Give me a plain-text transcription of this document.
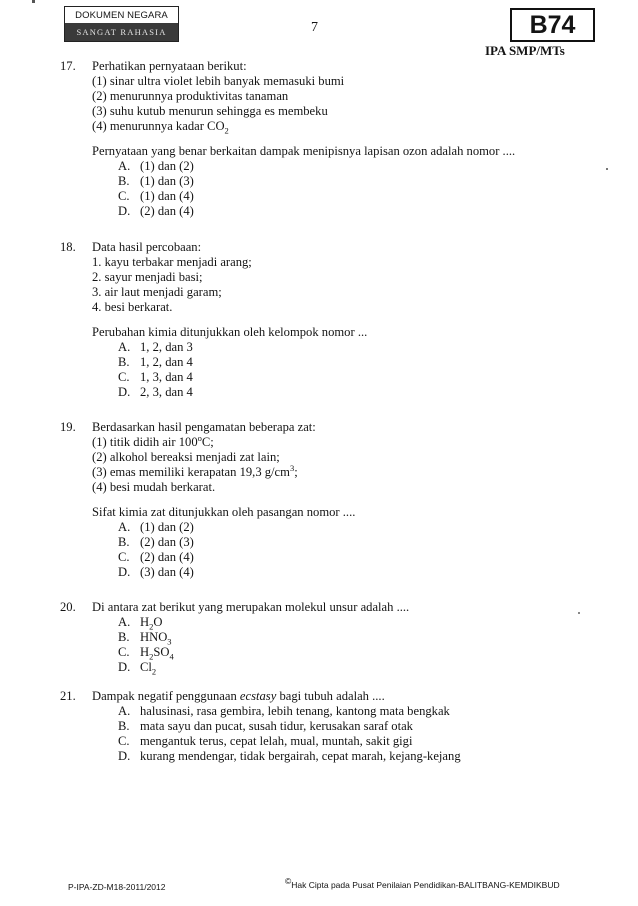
DOKUMEN NEGARA
SANGAT RAHASIA	7	B74
IPA SMP/MTs
17. Perhatikan pernyataan berikut:
(1) sinar ultra violet lebih banyak memasuki bumi
(2) menurunnya produktivitas tanaman
(3) suhu kutub menurun sehingga es membeku
(4) menurunnya kadar $CO_2$
Pernyataan yang benar berkaitan dampak menipisnya lapisan ozon adalah nomor ....
A. (1) dan (2)
B. (1) dan (3)
C. (1) dan (4)
D. (2) dan (4)
18. Data hasil percobaan:
1. kayu terbakar menjadi arang;
2. sayur menjadi basi;
3. air laut menjadi garam;
4. besi berkarat.
Perubahan kimia ditunjukkan oleh kelompok nomor ...
A. 1, 2, dan 3
B. 1, 2, dan 4
C. 1, 3, dan 4
D. 2, 3, dan 4
19. Berdasarkan hasil pengamatan beberapa zat:
(1) titik didih air 100$^o$C;
(2) alkohol bereaksi menjadi zat lain;
(3) emas memiliki kerapatan 19,3 $g/cm^3$;
(4) besi mudah berkarat.
Sifat kimia zat ditunjukkan oleh pasangan nomor ....
A. (1) dan (2)
B. (2) dan (3)
C. (2) dan (4)
D. (3) dan (4)
20. Di antara zat berikut yang merupakan molekul unsur adalah ....
A. $H_2O$
B. $HNO_3$
C. $H_2SO_4$
D. $Cl_2$
21. Dampak negatif penggunaan ecstasy bagi tubuh adalah ....
A. halusinasi, rasa gembira, lebih tenang, kantong mata bengkak
B. mata sayu dan pucat, susah tidur, kerusakan saraf otak
C. mengantuk terus, cepat lelah, mual, muntah, sakit gigi
D. kurang mendengar, tidak bergairah, cepat marah, kejang-kejang
P-IPA-ZD-M18-2011/2012
©Hak Cipta pada Pusat Penilaian Pendidikan-BALITBANG-KEMDIKBUD
